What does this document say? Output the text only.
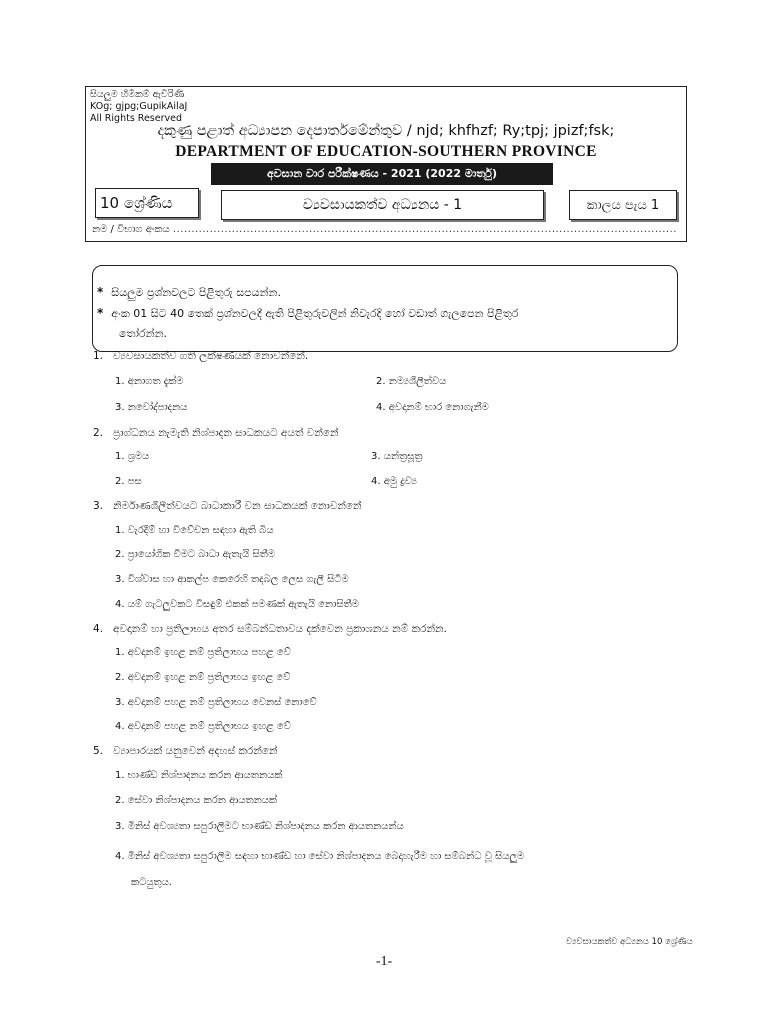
සියලුම හිමිකම් ඇවිරිණි
KOg; gjpg;GupikAilaJ
All Rights Reserved
දකුණු පළාත් අධ්‍යාපන දෙපාර්තමේන්තුව / njd; khfhzf; Ry;tpj; jpizf;fsk;
DEPARTMENT OF EDUCATION-SOUTHERN PROVINCE
අවසාන වාර පරීක්ෂණය - 2021 (2022 මාර්තු)
10 ශ්‍රේණිය	ව්‍යවසායකත්ව අධ්‍යනය - 1	කාලය පැය 1
නම / විභාග අංකය .........................................................................................................................................
* සියලුම ප්‍රශ්නවලට පිළිතුරු සපයන්න.
* අංක 01 සිට 40 තෙක් ප්‍රශ්නවලදී ඇති පිළිතුරුවලින් නිවැරදි හෝ වඩාත් ගැලපෙන පිළිතුර
තෝරන්න.
1. ව්‍යවසායකත්ව ගති ලක්ෂණයක් නොවන්නේ.
1. අනාගත දැක්ම	2. නම්‍යශීලීත්වය
3. නවෝද්පාදනය	4. අවදානම් භාර නොගැනීම
2. ප්‍රාග්ධනය නැමැති නිශ්පාදන සාධකයට අයත් වන්නේ
1. ශ්‍රමය	3. යන්ත්‍රසූත්‍ර
2. පස	4. අමු ද්‍රව්‍ය
3. නිර්මාණශීලීත්වයට බාධාකාරී වන සාධකයක් නොවන්නේ
1. වැරදීම් හා විවේචන සඳහා ඇති බිය
2. ප්‍රායෝගික වීමට බාධා ඇතැයි සිතීම
3. විශ්වාස හා ආකල්ප කෙරෙහි තදබල ලෙස ගැලී සිටීම
4. යම් ගැටලුවකට විසඳුම් එකක් පමණක් ඇතැයි නොසිතීම
4. අවදානම් හා ප්‍රතිලාභය අතර සම්බන්ධතාවය දක්වෙන ප්‍රකාශනය නම් කරන්න.
1. අවදානම් ඉහළ නම් ප්‍රතිලාභය පහළ වේ
2. අවදානම් ඉහළ නම් ප්‍රතිලාභය ඉහළ වේ
3. අවදානම් පහළ නම් ප්‍රතිලාභය වෙනස් නොවේ
4. අවදානම් පහළ නම් ප්‍රතිලාභය ඉහළ වේ
5. ව්‍යාපාරයක් යනුවෙන් අදහස් කරන්නේ
1. භාණ්ඩ නිශ්පාදනය කරන ආයතනයක්
2. සේවා නිශ්පාදනය කරන ආයතනයක්
3. මිනිස් අවශ්‍යතා සපුරාලීමට භාණ්ඩ නිශ්පාදනය කරන ආයතනයන්ය
4. මිනිස් අවශ්‍යතා සපුරාලීම සඳහා භාණ්ඩ හා සේවා නිශ්පාදනය බෙදාහැරීම හා සම්බන්ධ වූ සියලුම
කටයුතුය.
ව්‍යවසායකත්ව අධ්‍යනය 10 ශ්‍රේණිය
-1-
